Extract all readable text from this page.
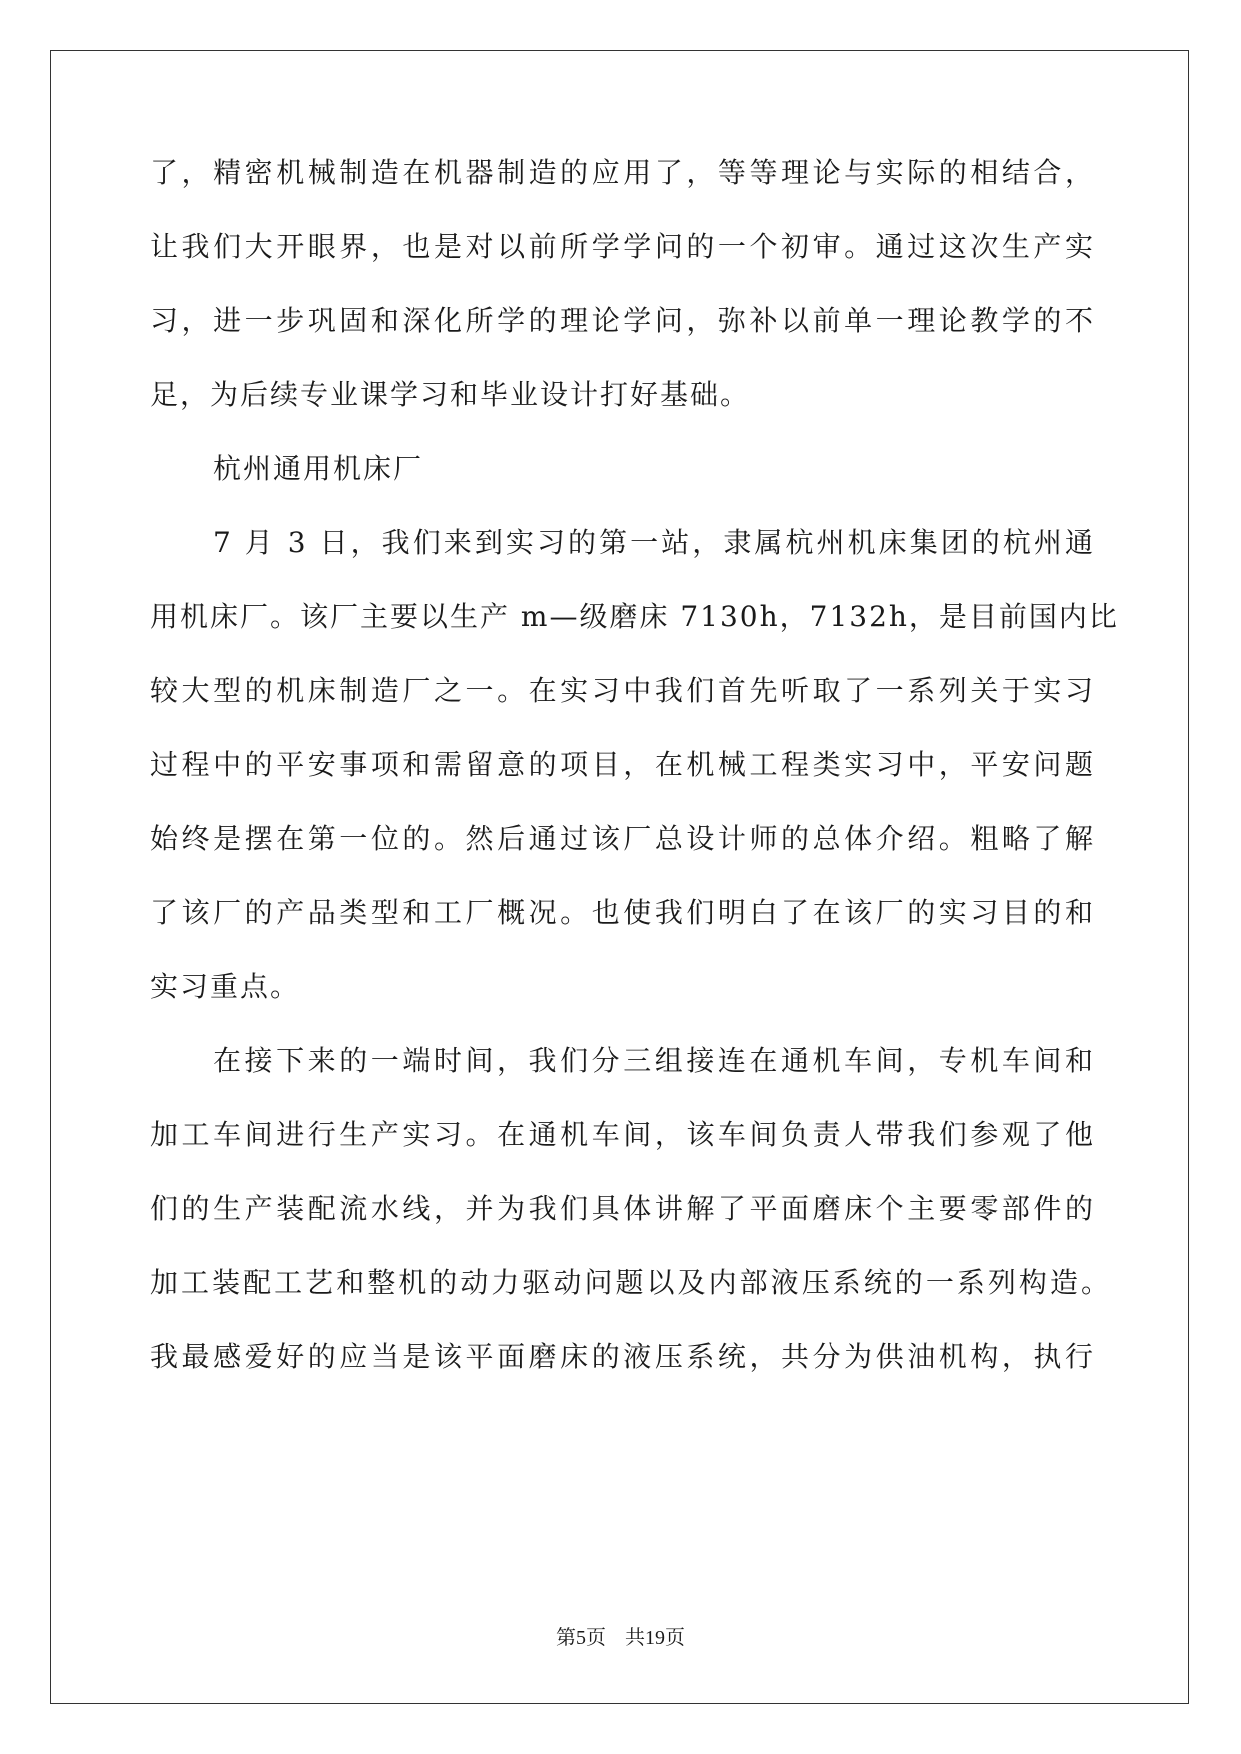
了，精密机械制造在机器制造的应用了，等等理论与实际的相结合，
让我们大开眼界，也是对以前所学学问的一个初审。通过这次生产实
习，进一步巩固和深化所学的理论学问，弥补以前单一理论教学的不
足，为后续专业课学习和毕业设计打好基础。
杭州通用机床厂
7 月 3 日，我们来到实习的第一站，隶属杭州机床集团的杭州通
用机床厂。该厂主要以生产 m—级磨床 7130h，7132h，是目前国内比
较大型的机床制造厂之一。在实习中我们首先听取了一系列关于实习
过程中的平安事项和需留意的项目，在机械工程类实习中，平安问题
始终是摆在第一位的。然后通过该厂总设计师的总体介绍。粗略了解
了该厂的产品类型和工厂概况。也使我们明白了在该厂的实习目的和
实习重点。
在接下来的一端时间，我们分三组接连在通机车间，专机车间和
加工车间进行生产实习。在通机车间，该车间负责人带我们参观了他
们的生产装配流水线，并为我们具体讲解了平面磨床个主要零部件的
加工装配工艺和整机的动力驱动问题以及内部液压系统的一系列构造。
我最感爱好的应当是该平面磨床的液压系统，共分为供油机构，执行
第5页 共19页
